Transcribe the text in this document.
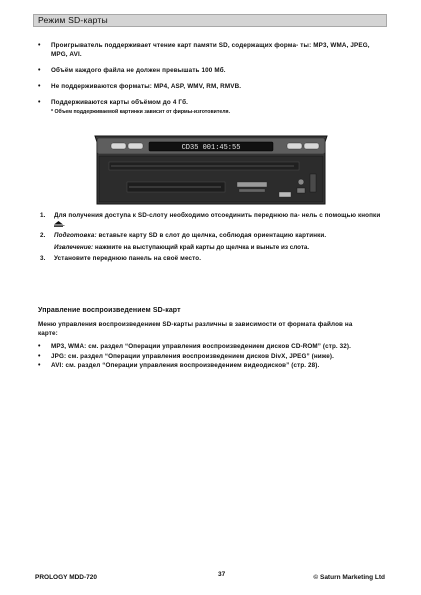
Режим SD-карты
• Проигрыватель поддерживает чтение карт памяти SD, содержащих форма- ты: MP3, WMA, JPEG, MPG, AVI.
• Объём каждого файла не должен превышать 100 Мб.
• Не поддерживаются форматы: MP4, ASP, WMV, RM, RMVB.
• Поддерживаются карты объёмом до 4 Гб.
* Объем поддерживаемой картинки зависит от фирмы-изготовителя.
CD35 001:45:55
1. Для получения доступа к SD-слоту необходимо отсоединить переднюю па- нель с помощью кнопки .
2. Подготовка: вставьте карту SD в слот до щелчка, соблюдая ориентацию картинки.
Извлечение: нажмите на выступающий край карты до щелчка и выньте из слота.
3. Установите переднюю панель на своё место.
Управление воспроизведением SD-карт
Меню управления воспроизведением SD-карты различны в зависимости от формата файлов на карте:
• MP3, WMA: см. раздел “Операции управления воспроизведением дисков CD-ROM” (стр. 32).
• JPG: см. раздел “Операции управления воспроизведением дисков DivX, JPEG” (ниже).
• AVI: см. раздел “Операции управления воспроизведением видеодисков” (стр. 28).
PROLOGY MDD-720	37	© Saturn Marketing Ltd
